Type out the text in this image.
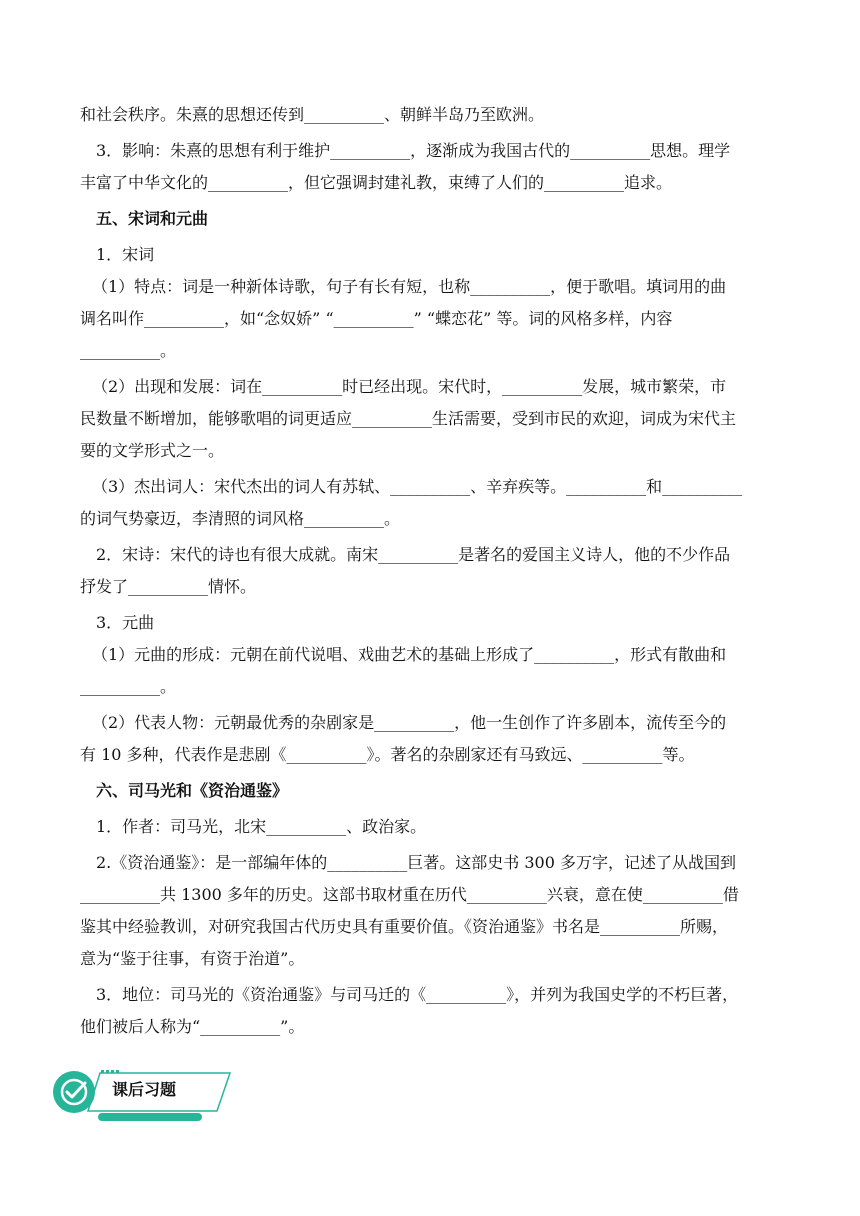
和社会秩序。朱熹的思想还传到__________、朝鲜半岛乃至欧洲。
3．影响：朱熹的思想有利于维护__________，逐渐成为我国古代的__________思想。理学
丰富了中华文化的__________，但它强调封建礼教，束缚了人们的__________追求。
五、宋词和元曲
1．宋词
（1）特点：词是一种新体诗歌，句子有长有短，也称__________，便于歌唱。填词用的曲
调名叫作__________，如“念奴娇” “__________” “蝶恋花” 等。词的风格多样，内容
__________。
（2）出现和发展：词在__________时已经出现。宋代时，__________发展，城市繁荣，市
民数量不断增加，能够歌唱的词更适应__________生活需要，受到市民的欢迎，词成为宋代主
要的文学形式之一。
（3）杰出词人：宋代杰出的词人有苏轼、__________、辛弃疾等。__________和__________
的词气势豪迈，李清照的词风格__________。
2．宋诗：宋代的诗也有很大成就。南宋__________是著名的爱国主义诗人，他的不少作品
抒发了__________情怀。
3．元曲
（1）元曲的形成：元朝在前代说唱、戏曲艺术的基础上形成了__________，形式有散曲和
__________。
（2）代表人物：元朝最优秀的杂剧家是__________，他一生创作了许多剧本，流传至今的
有 10 多种，代表作是悲剧《__________》。著名的杂剧家还有马致远、__________等。
六、司马光和《资治通鉴》
1．作者：司马光，北宋__________、政治家。
2.《资治通鉴》：是一部编年体的__________巨著。这部史书 300 多万字，记述了从战国到
__________共 1300 多年的历史。这部书取材重在历代__________兴衰，意在使__________借
鉴其中经验教训，对研究我国古代历史具有重要价值。《资治通鉴》书名是__________所赐，
意为“鉴于往事，有资于治道”。
3．地位：司马光的《资治通鉴》与司马迁的《__________》，并列为我国史学的不朽巨著，
他们被后人称为“__________”。
课后习题
